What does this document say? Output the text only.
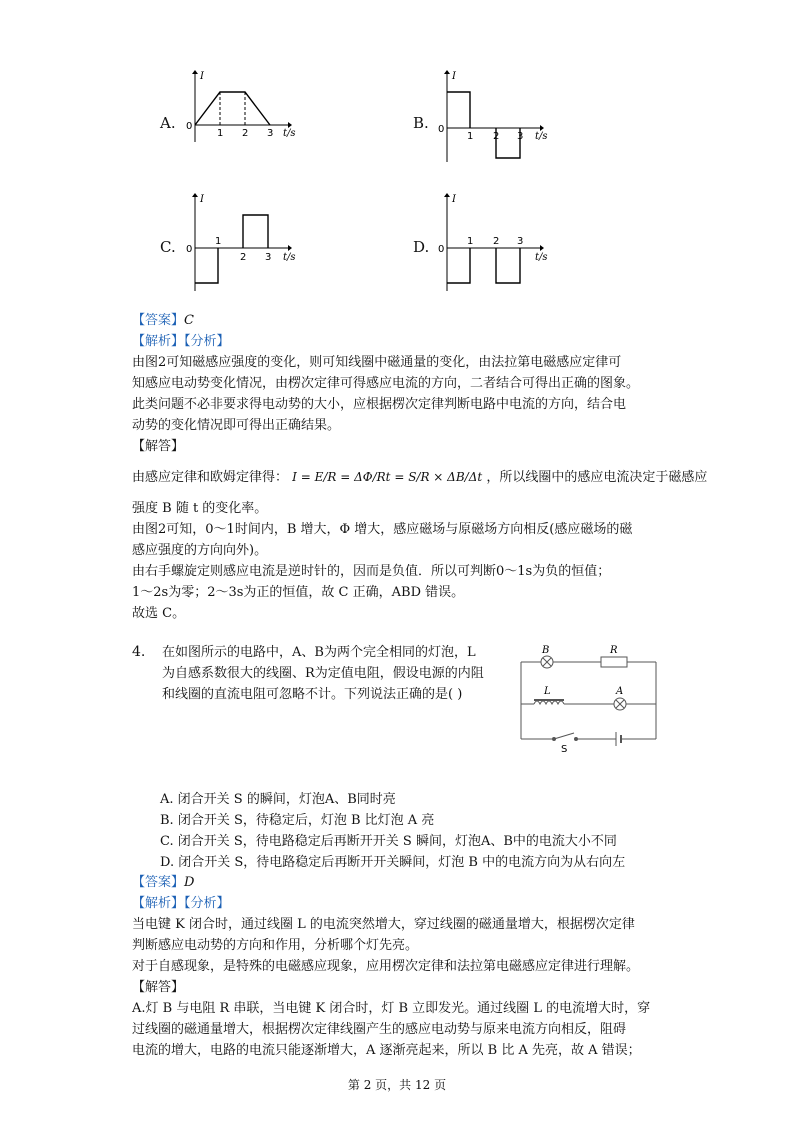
A.
I
0
1 2 3 t/s
B.
I
0
1 2 3 t/s
C.
I
0
1
2 3 t/s
D.
I
0
1 2 3
t/s
【答案】C
【解析】【分析】
由图2可知磁感应强度的变化，则可知线圈中磁通量的变化，由法拉第电磁感应定律可
知感应电动势变化情况，由楞次定律可得感应电流的方向，二者结合可得出正确的图象。
此类问题不必非要求得电动势的大小，应根据楞次定律判断电路中电流的方向，结合电
动势的变化情况即可得出正确结果。
【解答】
由感应定律和欧姆定律得： I = E/R = ΔΦ/Rt = S/R × ΔB/Δt ，所以线圈中的感应电流决定于磁感应
强度 B 随 t 的变化率。
由图2可知，0～1时间内，B 增大，Φ 增大，感应磁场与原磁场方向相反(感应磁场的磁
感应强度的方向向外)。
由右手螺旋定则感应电流是逆时针的，因而是负值．所以可判断0～1s为负的恒值；
1～2s为零；2～3s为正的恒值，故 C 正确，ABD 错误。
故选 C。
4. 在如图所示的电路中，A、B为两个完全相同的灯泡，L
为自感系数很大的线圈、R为定值电阻，假设电源的内阻
和线圈的直流电阻可忽略不计。下列说法正确的是( )
B	R
L	A
S
A. 闭合开关 S 的瞬间，灯泡A、B同时亮
B. 闭合开关 S，待稳定后，灯泡 B 比灯泡 A 亮
C. 闭合开关 S，待电路稳定后再断开开关 S 瞬间，灯泡A、B中的电流大小不同
D. 闭合开关 S，待电路稳定后再断开开关瞬间，灯泡 B 中的电流方向为从右向左
【答案】D
【解析】【分析】
当电键 K 闭合时，通过线圈 L 的电流突然增大，穿过线圈的磁通量增大，根据楞次定律
判断感应电动势的方向和作用，分析哪个灯先亮。
对于自感现象，是特殊的电磁感应现象，应用楞次定律和法拉第电磁感应定律进行理解。
【解答】
A.灯 B 与电阻 R 串联，当电键 K 闭合时，灯 B 立即发光。通过线圈 L 的电流增大时，穿
过线圈的磁通量增大，根据楞次定律线圈产生的感应电动势与原来电流方向相反，阻碍
电流的增大，电路的电流只能逐渐增大，A 逐渐亮起来，所以 B 比 A 先亮，故 A 错误；
第 2 页，共 12 页
